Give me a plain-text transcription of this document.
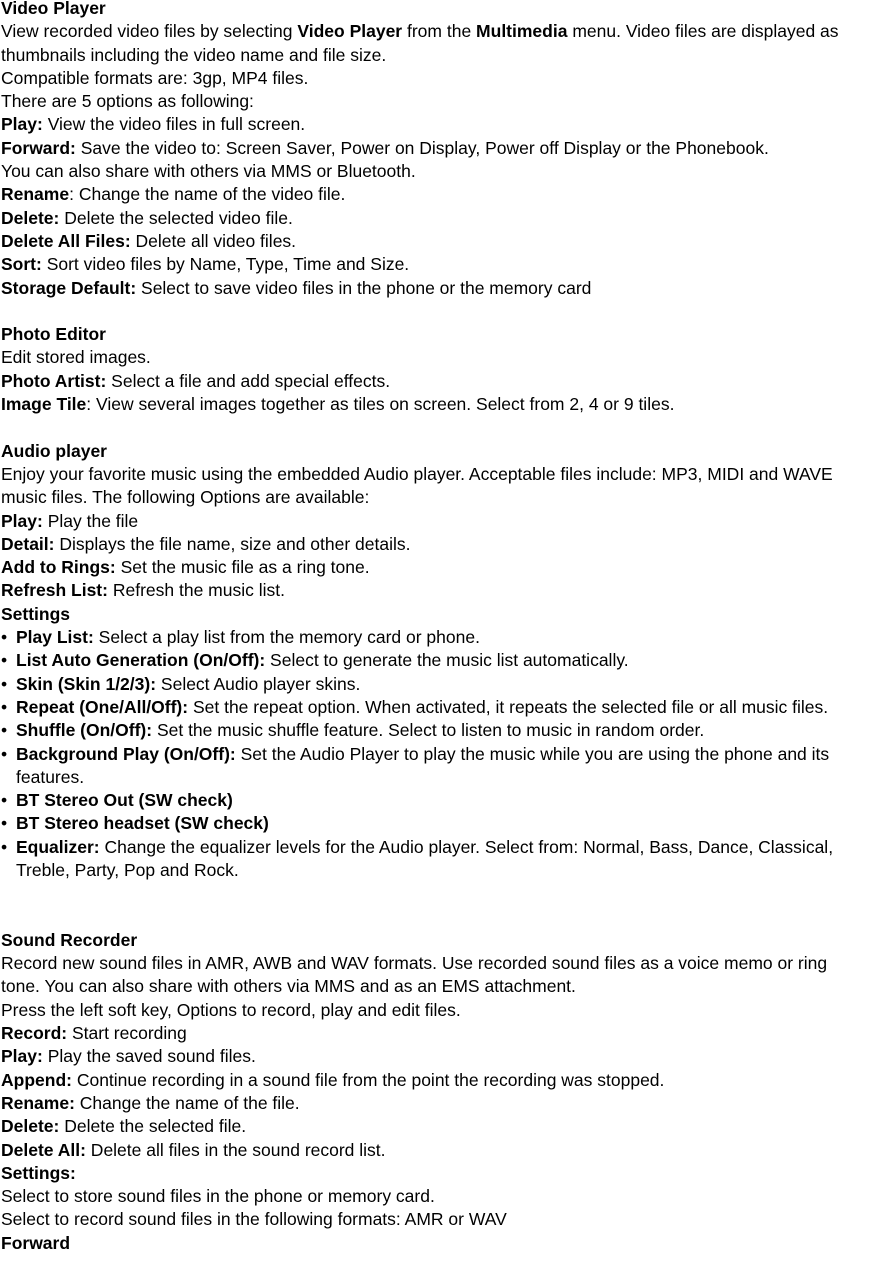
Video Player
View recorded video files by selecting Video Player from the Multimedia menu. Video files are displayed as thumbnails including the video name and file size.
Compatible formats are: 3gp, MP4 files.
There are 5 options as following:
Play: View the video files in full screen.
Forward: Save the video to: Screen Saver, Power on Display, Power off Display or the Phonebook. You can also share with others via MMS or Bluetooth.
Rename: Change the name of the video file.
Delete: Delete the selected video file.
Delete All Files: Delete all video files.
Sort: Sort video files by Name, Type, Time and Size.
Storage Default: Select to save video files in the phone or the memory card
Photo Editor
Edit stored images.
Photo Artist: Select a file and add special effects.
Image Tile: View several images together as tiles on screen. Select from 2, 4 or 9 tiles.
Audio player
Enjoy your favorite music using the embedded Audio player. Acceptable files include: MP3, MIDI and WAVE music files. The following Options are available:
Play: Play the file
Detail: Displays the file name, size and other details.
Add to Rings: Set the music file as a ring tone.
Refresh List: Refresh the music list.
Settings
• Play List: Select a play list from the memory card or phone.
• List Auto Generation (On/Off): Select to generate the music list automatically.
• Skin (Skin 1/2/3): Select Audio player skins.
• Repeat (One/All/Off): Set the repeat option. When activated, it repeats the selected file or all music files.
• Shuffle (On/Off): Set the music shuffle feature. Select to listen to music in random order.
• Background Play (On/Off): Set the Audio Player to play the music while you are using the phone and its features.
• BT Stereo Out (SW check)
• BT Stereo headset (SW check)
• Equalizer: Change the equalizer levels for the Audio player. Select from: Normal, Bass, Dance, Classical, Treble, Party, Pop and Rock.
Sound Recorder
Record new sound files in AMR, AWB and WAV formats. Use recorded sound files as a voice memo or ring tone. You can also share with others via MMS and as an EMS attachment.
Press the left soft key, Options to record, play and edit files.
Record: Start recording
Play: Play the saved sound files.
Append: Continue recording in a sound file from the point the recording was stopped.
Rename: Change the name of the file.
Delete: Delete the selected file.
Delete All: Delete all files in the sound record list.
Settings:
Select to store sound files in the phone or memory card.
Select to record sound files in the following formats: AMR or WAV
Forward
